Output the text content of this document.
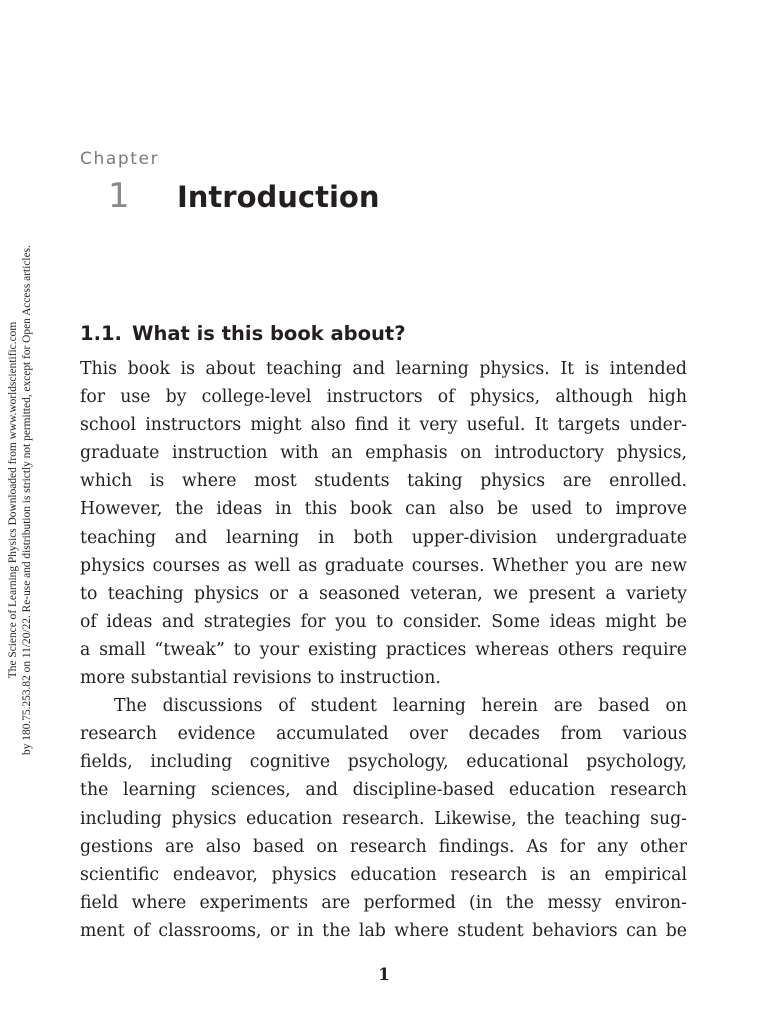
The Science of Learning Physics Downloaded from www.worldscientific.com by 180.75.253.82 on 11/20/22. Re-use and distribution is strictly not permitted, except for Open Access articles.
Chapter
1 Introduction
1.1. What is this book about?
This book is about teaching and learning physics. It is intended
for use by college-level instructors of physics, although high
school instructors might also find it very useful. It targets under-
graduate instruction with an emphasis on introductory physics,
which is where most students taking physics are enrolled.
However, the ideas in this book can also be used to improve
teaching and learning in both upper-division undergraduate
physics courses as well as graduate courses. Whether you are new
to teaching physics or a seasoned veteran, we present a variety
of ideas and strategies for you to consider. Some ideas might be
a small “tweak” to your existing practices whereas others require
more substantial revisions to instruction.
The discussions of student learning herein are based on
research evidence accumulated over decades from various
fields, including cognitive psychology, educational psychology,
the learning sciences, and discipline-based education research
including physics education research. Likewise, the teaching sug-
gestions are also based on research findings. As for any other
scientific endeavor, physics education research is an empirical
field where experiments are performed (in the messy environ-
ment of classrooms, or in the lab where student behaviors can be
1
